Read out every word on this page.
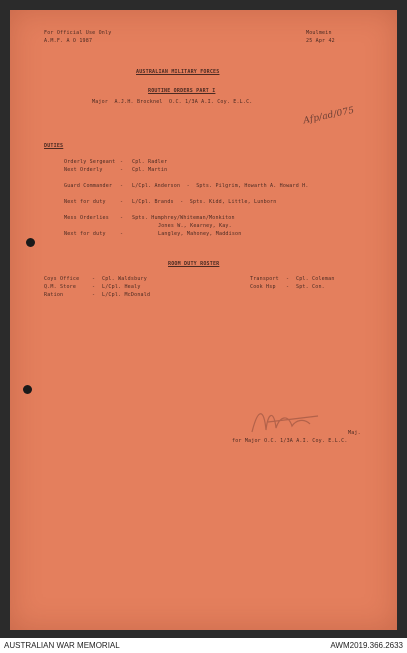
For Official Use Only
A.M.F. A O 1987
Moulmein
25 Apr 42
AUSTRALIAN MILITARY FORCES
ROUTINE ORDERS PART I
Major  A.J.H. Brocknel  O.C. 1/3A A.I. Coy. E.L.C.
Afp/ad/075
DUTIES
Orderly Sergeant - Cpl. Radler
Next Orderly	- Cpl. Martin
Guard Commander - L/Cpl. Anderson  -  Spts. Pilgrim, Howarth A. Howard H.
Next for duty	- L/Cpl. Brands  -  Spts. Kidd, Little, Lunborn
Mess Orderlies - Spts. Humphrey/Whiteman/Monkiton
Jones W., Kearney, Kay.
Next for duty	-	Langley, Mahoney, Maddison
ROOM DUTY ROSTER
Coys Office	- Cpl. Waldsbury
Q.M. Store	- L/Cpl. Healy
Ration	- L/Cpl. McDonald
Transport - Cpl. Coleman
Cook Hsp - Spt. Con.
Maj.
for Major O.C. 1/3A A.I. Coy. E.L.C.
AUSTRALIAN WAR MEMORIAL	AWM2019.366.2633
